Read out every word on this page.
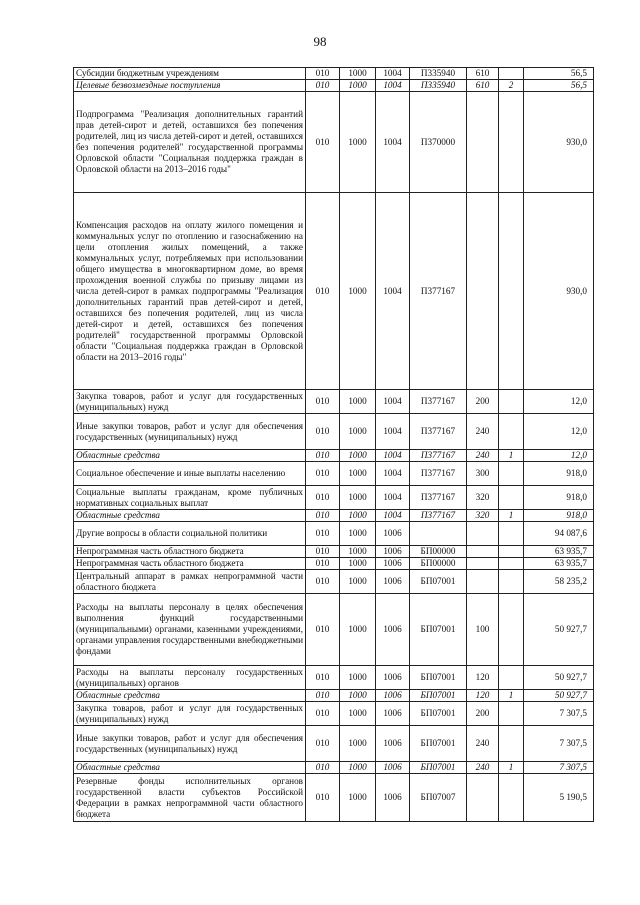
98
Субсидии бюджетным учреждениям	010	1000	1004	П335940	610		56,5
Целевые безвозмездные поступления	010	1000	1004	П335940	610	2	56,5
Подпрограмма "Реализация дополнительных гарантий прав детей-сирот и детей, оставшихся без попечения родителей, лиц из числа детей-сирот и детей, оставшихся без попечения родителей" государственной программы Орловской области "Социальная поддержка граждан в Орловской области на 2013–2016 годы"	010	1000	1004	П370000			930,0
Компенсация расходов на оплату жилого помещения и коммунальных услуг по отоплению и газоснабжению на цели отопления жилых помещений, а также коммунальных услуг, потребляемых при использовании общего имущества в многоквартирном доме, во время прохождения военной службы по призыву лицами из числа детей-сирот в рамках подпрограммы "Реализация дополнительных гарантий прав детей-сирот и детей, оставшихся без попечения родителей, лиц из числа детей-сирот и детей, оставшихся без попечения родителей" государственной программы Орловской области "Социальная поддержка граждан в Орловской области на 2013–2016 годы"	010	1000	1004	П377167			930,0
Закупка товаров, работ и услуг для государственных (муниципальных) нужд	010	1000	1004	П377167	200		12,0
Иные закупки товаров, работ и услуг для обеспечения государственных (муниципальных) нужд	010	1000	1004	П377167	240		12,0
Областные средства	010	1000	1004	П377167	240	1	12,0
Социальное обеспечение и иные выплаты населению	010	1000	1004	П377167	300		918,0
Социальные выплаты гражданам, кроме публичных нормативных социальных выплат	010	1000	1004	П377167	320		918,0
Областные средства	010	1000	1004	П377167	320	1	918,0
Другие вопросы в области социальной политики	010	1000	1006				94 087,6
Непрограммная часть областного бюджета	010	1000	1006	БП00000			63 935,7
Непрограммная часть областного бюджета	010	1000	1006	БП00000			63 935,7
Центральный аппарат в рамках непрограммной части областного бюджета	010	1000	1006	БП07001			58 235,2
Расходы на выплаты персоналу в целях обеспечения выполнения функций государственными (муниципальными) органами, казенными учреждениями, органами управления государственными внебюджетными фондами	010	1000	1006	БП07001	100		50 927,7
Расходы на выплаты персоналу государственных (муниципальных) органов	010	1000	1006	БП07001	120		50 927,7
Областные средства	010	1000	1006	БП07001	120	1	50 927,7
Закупка товаров, работ и услуг для государственных (муниципальных) нужд	010	1000	1006	БП07001	200		7 307,5
Иные закупки товаров, работ и услуг для обеспечения государственных (муниципальных) нужд	010	1000	1006	БП07001	240		7 307,5
Областные средства	010	1000	1006	БП07001	240	1	7 307,5
Резервные фонды исполнительных органов государственной власти субъектов Российской Федерации в рамках непрограммной части областного бюджета	010	1000	1006	БП07007			5 190,5
